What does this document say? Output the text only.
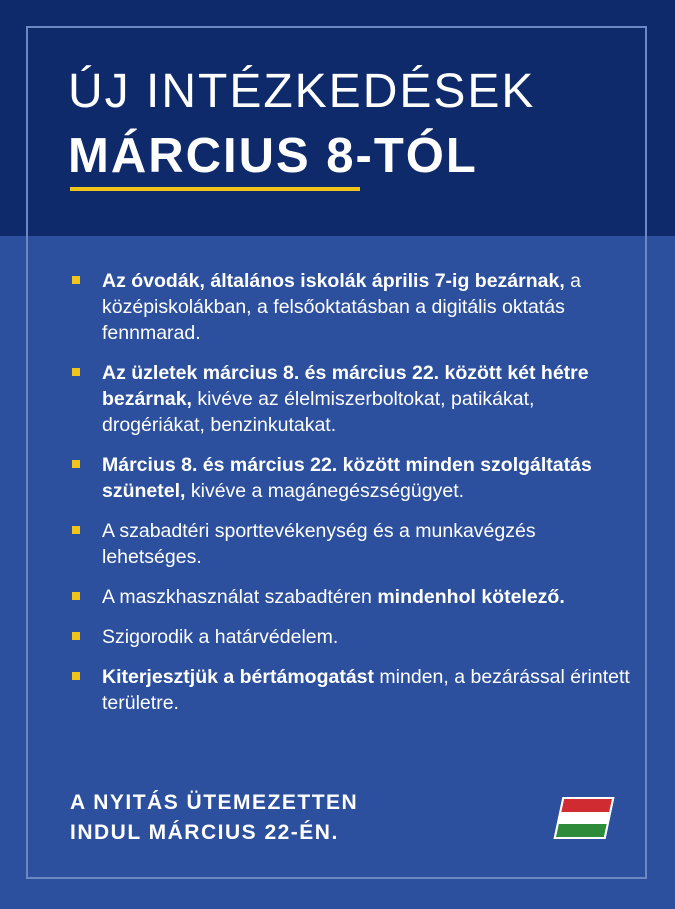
ÚJ INTÉZKEDÉSEK
MÁRCIUS 8-TÓL
Az óvodák, általános iskolák április 7-ig bezárnak, a középiskolákban, a felsőoktatásban a digitális oktatás fennmarad.
Az üzletek március 8. és március 22. között két hétre bezárnak, kivéve az élelmiszerboltokat, patikákat, drogériákat, benzinkutakat.
Március 8. és március 22. között minden szolgáltatás szünetel, kivéve a magánegészségügyet.
A szabadtéri sporttevékenység és a munkavégzés lehetséges.
A maszkhasználat szabadtéren mindenhol kötelező.
Szigorodik a határvédelem.
Kiterjesztjük a bértámogatást minden, a bezárással érintett területre.
A NYITÁS ÜTEMEZETTEN
INDUL MÁRCIUS 22-ÉN.
